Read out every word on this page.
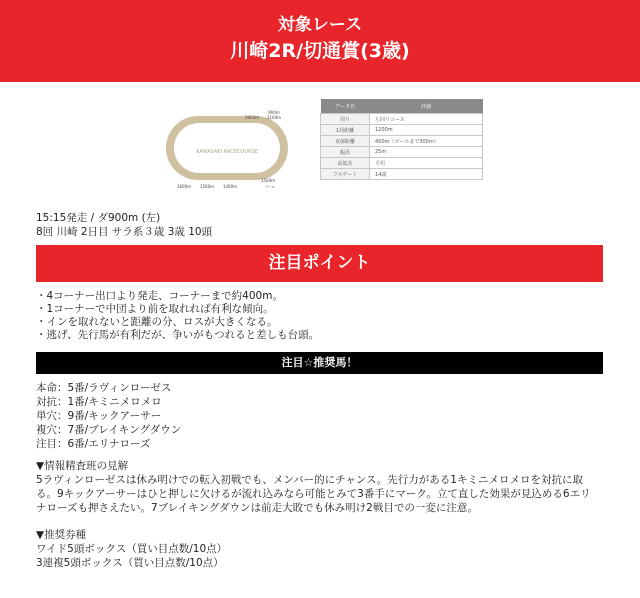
対象レース
川崎2R/切通賞(3歳)
KAWASAKI RACECOURSE
2000m
900m
2100m
1600m 1500m 1400m
1500m
ゴール
データ名	詳細
周り	左回りコース
1周距離	1200m
直線距離	400m（ゴールまで300m）
幅員	25m
高低差	平坦
フルゲート	14頭
15:15発走 / ダ900m (左)
8回 川崎 2日目 サラ系３歳 3歳 10頭
注目ポイント
・4コーナー出口より発走、コーナーまで約400m。
・1コーナーで中団より前を取れれば有利な傾向。
・インを取れないと距離の分、ロスが大きくなる。
・逃げ、先行馬が有利だが、争いがもつれると差しも台頭。
注目☆推奨馬！
本命：5番/ラヴィンローゼス
対抗：1番/キミニメロメロ
単穴：9番/キックアーサー
複穴：7番/ブレイキングダウン
注目：6番/エリナローズ
▼情報精査班の見解
5ラヴィンローゼスは休み明けでの転入初戦でも、メンバー的にチャンス。先行力がある1キミニメロメロを対抗に取る。9キックアーサーはひと押しに欠けるが流れ込みなら可能とみて3番手にマーク。立て直した効果が見込める6エリナローズも押さえたい。7ブレイキングダウンは前走大敗でも休み明け2戦目での一変に注意。
▼推奨券種
ワイド5頭ボックス（買い目点数/10点）
3連複5頭ボックス（買い目点数/10点）
